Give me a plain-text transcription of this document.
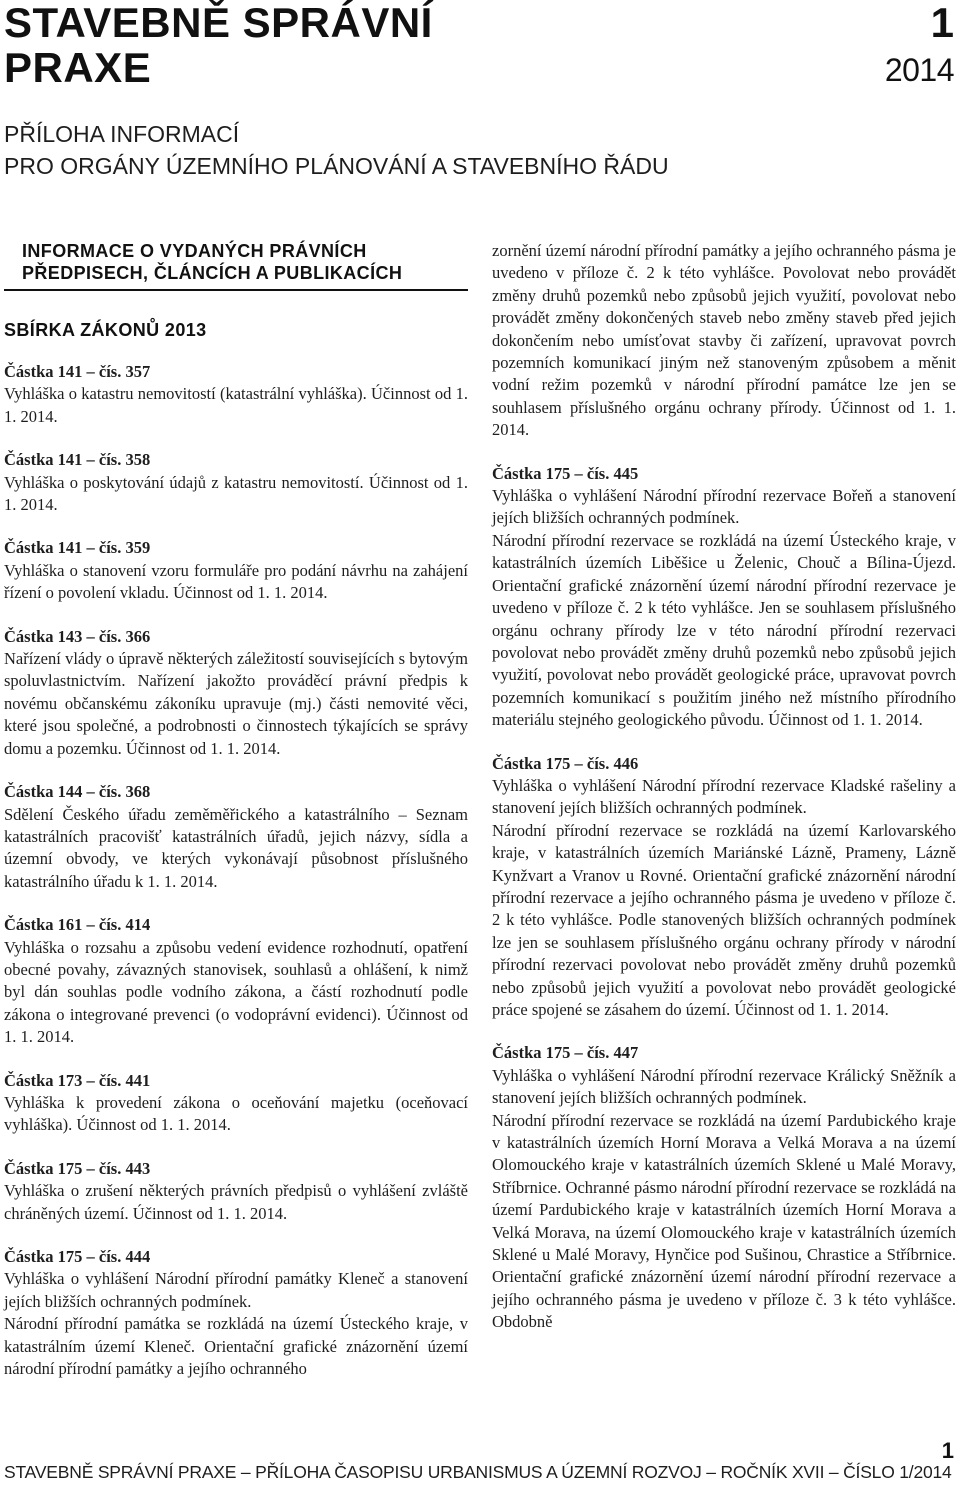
STAVEBNĚ SPRÁVNÍ
PRAXE
1
2014
PŘÍLOHA INFORMACÍ
PRO ORGÁNY ÚZEMNÍHO PLÁNOVÁNÍ A STAVEBNÍHO ŘÁDU
INFORMACE O VYDANÝCH PRÁVNÍCH
PŘEDPISECH, ČLÁNCÍCH A PUBLIKACÍCH
SBÍRKA ZÁKONŮ 2013
Částka 141 – čís. 357
Vyhláška o katastru nemovitostí (katastrální vyhláška). Účinnost od 1. 1. 2014.
Částka 141 – čís. 358
Vyhláška o poskytování údajů z katastru nemovitostí. Účinnost od 1. 1. 2014.
Částka 141 – čís. 359
Vyhláška o stanovení vzoru formuláře pro podání návrhu na zahájení řízení o povolení vkladu. Účinnost od 1. 1. 2014.
Částka 143 – čís. 366
Nařízení vlády o úpravě některých záležitostí souvisejících s bytovým spoluvlastnictvím. Nařízení jakožto prováděcí právní předpis k novému občanskému zákoníku upravuje (mj.) části nemovité věci, které jsou společné, a podrobnosti o činnostech týkajících se správy domu a pozemku. Účinnost od 1. 1. 2014.
Částka 144 – čís. 368
Sdělení Českého úřadu zeměměřického a katastrálního – Seznam katastrálních pracovišť katastrálních úřadů, jejich názvy, sídla a územní obvody, ve kterých vykonávají působnost příslušného katastrálního úřadu k 1. 1. 2014.
Částka 161 – čís. 414
Vyhláška o rozsahu a způsobu vedení evidence rozhodnutí, opatření obecné povahy, závazných stanovisek, souhlasů a ohlášení, k nimž byl dán souhlas podle vodního zákona, a částí rozhodnutí podle zákona o integrované prevenci (o vodoprávní evidenci). Účinnost od 1. 1. 2014.
Částka 173 – čís. 441
Vyhláška k provedení zákona o oceňování majetku (oceňovací vyhláška). Účinnost od 1. 1. 2014.
Částka 175 – čís. 443
Vyhláška o zrušení některých právních předpisů o vyhlášení zvláště chráněných území. Účinnost od 1. 1. 2014.
Částka 175 – čís. 444
Vyhláška o vyhlášení Národní přírodní památky Kleneč a stanovení jejích bližších ochranných podmínek.
Národní přírodní památka se rozkládá na území Ústeckého kraje, v katastrálním území Kleneč. Orientační grafické znázornění území národní přírodní památky a jejího ochranného
zornění území národní přírodní památky a jejího ochranného pásma je uvedeno v příloze č. 2 k této vyhlášce. Povolovat nebo provádět změny druhů pozemků nebo způsobů jejich využití, povolovat nebo provádět změny dokončených staveb nebo změny staveb před jejich dokončením nebo umísťovat stavby či zařízení, upravovat povrch pozemních komunikací jiným než stanoveným způsobem a měnit vodní režim pozemků v národní přírodní památce lze jen se souhlasem příslušného orgánu ochrany přírody. Účinnost od 1. 1. 2014.
Částka 175 – čís. 445
Vyhláška o vyhlášení Národní přírodní rezervace Bořeň a stanovení jejích bližších ochranných podmínek.
Národní přírodní rezervace se rozkládá na území Ústeckého kraje, v katastrálních územích Liběšice u Želenic, Chouč a Bílina-Újezd. Orientační grafické znázornění území národní přírodní rezervace je uvedeno v příloze č. 2 k této vyhlášce. Jen se souhlasem příslušného orgánu ochrany přírody lze v této národní přírodní rezervaci povolovat nebo provádět změny druhů pozemků nebo způsobů jejich využití, povolovat nebo provádět geologické práce, upravovat povrch pozemních komunikací s použitím jiného než místního přírodního materiálu stejného geologického původu. Účinnost od 1. 1. 2014.
Částka 175 – čís. 446
Vyhláška o vyhlášení Národní přírodní rezervace Kladské rašeliny a stanovení jejích bližších ochranných podmínek.
Národní přírodní rezervace se rozkládá na území Karlovarského kraje, v katastrálních územích Mariánské Lázně, Prameny, Lázně Kynžvart a Vranov u Rovné. Orientační grafické znázornění národní přírodní rezervace a jejího ochranného pásma je uvedeno v příloze č. 2 k této vyhlášce. Podle stanovených bližších ochranných podmínek lze jen se souhlasem příslušného orgánu ochrany přírody v národní přírodní rezervaci povolovat nebo provádět změny druhů pozemků nebo způsobů jejich využití a povolovat nebo provádět geologické práce spojené se zásahem do území. Účinnost od 1. 1. 2014.
Částka 175 – čís. 447
Vyhláška o vyhlášení Národní přírodní rezervace Králický Sněžník a stanovení jejích bližších ochranných podmínek.
Národní přírodní rezervace se rozkládá na území Pardubického kraje v katastrálních územích Horní Morava a Velká Morava a na území Olomouckého kraje v katastrálních územích Sklené u Malé Moravy, Stříbrnice. Ochranné pásmo národní přírodní rezervace se rozkládá na území Pardubického kraje v katastrálních územích Horní Morava a Velká Morava, na území Olomouckého kraje v katastrálních územích Sklené u Malé Moravy, Hynčice pod Sušinou, Chrastice a Stříbrnice. Orientační grafické znázornění území národní přírodní rezervace a jejího ochranného pásma je uvedeno v příloze č. 3 k této vyhlášce. Obdobně
1
STAVEBNĚ SPRÁVNÍ PRAXE – PŘÍLOHA ČASOPISU URBANISMUS A ÚZEMNÍ ROZVOJ – ROČNÍK XVII – ČÍSLO 1/2014
